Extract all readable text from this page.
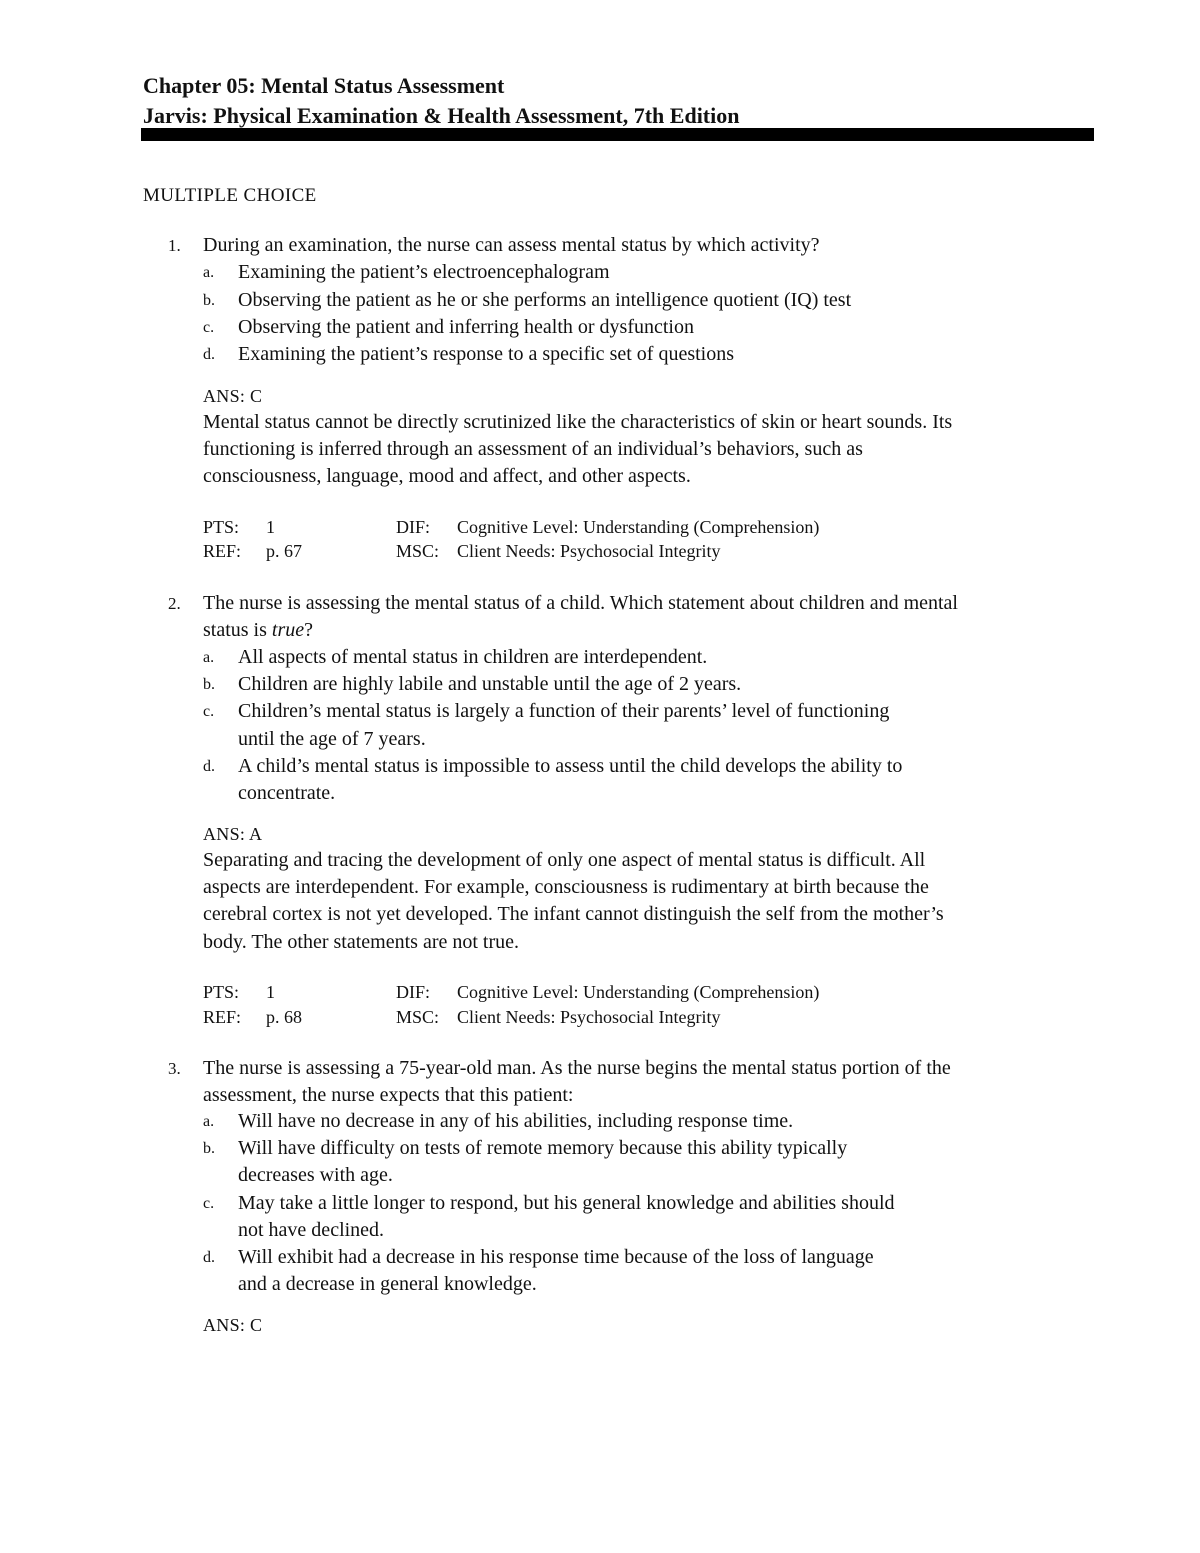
Chapter 05: Mental Status Assessment
Jarvis: Physical Examination & Health Assessment, 7th Edition
MULTIPLE CHOICE
1. During an examination, the nurse can assess mental status by which activity?
a. Examining the patient’s electroencephalogram
b. Observing the patient as he or she performs an intelligence quotient (IQ) test
c. Observing the patient and inferring health or dysfunction
d. Examining the patient’s response to a specific set of questions
ANS: C
Mental status cannot be directly scrutinized like the characteristics of skin or heart sounds. Its
functioning is inferred through an assessment of an individual’s behaviors, such as
consciousness, language, mood and affect, and other aspects.
PTS: 1	DIF: Cognitive Level: Understanding (Comprehension)
REF: p. 67	MSC: Client Needs: Psychosocial Integrity
2. The nurse is assessing the mental status of a child. Which statement about children and mental
status is true?
a. All aspects of mental status in children are interdependent.
b. Children are highly labile and unstable until the age of 2 years.
c. Children’s mental status is largely a function of their parents’ level of functioning
until the age of 7 years.
d. A child’s mental status is impossible to assess until the child develops the ability to
concentrate.
ANS: A
Separating and tracing the development of only one aspect of mental status is difficult. All
aspects are interdependent. For example, consciousness is rudimentary at birth because the
cerebral cortex is not yet developed. The infant cannot distinguish the self from the mother’s
body. The other statements are not true.
PTS: 1	DIF: Cognitive Level: Understanding (Comprehension)
REF: p. 68	MSC: Client Needs: Psychosocial Integrity
3. The nurse is assessing a 75-year-old man. As the nurse begins the mental status portion of the
assessment, the nurse expects that this patient:
a. Will have no decrease in any of his abilities, including response time.
b. Will have difficulty on tests of remote memory because this ability typically
decreases with age.
c. May take a little longer to respond, but his general knowledge and abilities should
not have declined.
d. Will exhibit had a decrease in his response time because of the loss of language
and a decrease in general knowledge.
ANS: C
